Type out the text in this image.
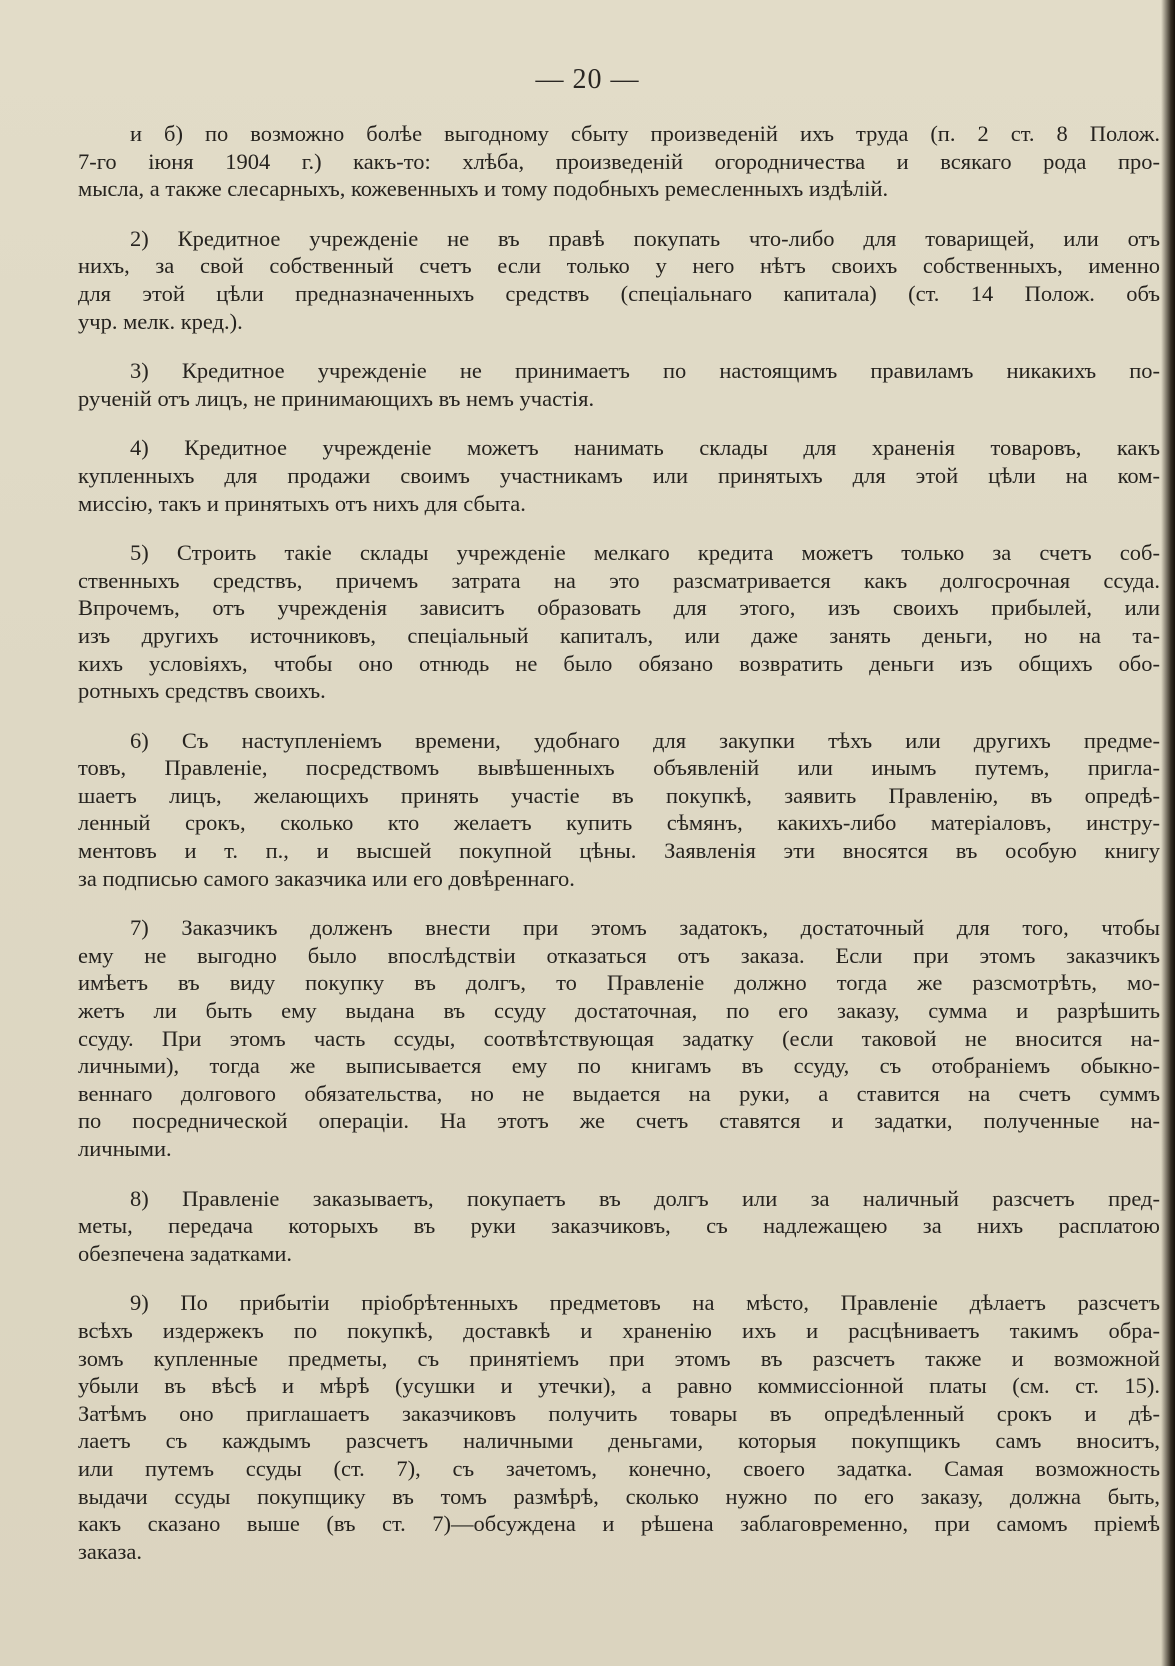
— 20 —
и б) по возможно болѣе выгодному сбыту произведеній ихъ труда (п. 2 ст. 8 Полож.
7-го іюня 1904 г.) какъ-то: хлѣба, произведеній огородничества и всякаго рода про-
мысла, а также слесарныхъ, кожевенныхъ и тому подобныхъ ремесленныхъ издѣлій.
2) Кредитное учрежденіе не въ правѣ покупать что-либо для товарищей, или отъ
нихъ, за свой собственный счетъ если только у него нѣтъ своихъ собственныхъ, именно
для этой цѣли предназначенныхъ средствъ (спеціальнаго капитала) (ст. 14 Полож. объ
учр. мелк. кред.).
3) Кредитное учрежденіе не принимаетъ по настоящимъ правиламъ никакихъ по-
рученій отъ лицъ, не принимающихъ въ немъ участія.
4) Кредитное учрежденіе можетъ нанимать склады для храненія товаровъ, какъ
купленныхъ для продажи своимъ участникамъ или принятыхъ для этой цѣли на ком-
миссію, такъ и принятыхъ отъ нихъ для сбыта.
5) Строить такіе склады учрежденіе мелкаго кредита можетъ только за счетъ соб-
ственныхъ средствъ, причемъ затрата на это разсматривается какъ долгосрочная ссуда.
Впрочемъ, отъ учрежденія зависитъ образовать для этого, изъ своихъ прибылей, или
изъ другихъ источниковъ, спеціальный капиталъ, или даже занять деньги, но на та-
кихъ условіяхъ, чтобы оно отнюдь не было обязано возвратить деньги изъ общихъ обо-
ротныхъ средствъ своихъ.
6) Съ наступленіемъ времени, удобнаго для закупки тѣхъ или другихъ предме-
товъ, Правленіе, посредствомъ вывѣшенныхъ объявленій или инымъ путемъ, пригла-
шаетъ лицъ, желающихъ принять участіе въ покупкѣ, заявить Правленію, въ опредѣ-
ленный срокъ, сколько кто желаетъ купить сѣмянъ, какихъ-либо матеріаловъ, инстру-
ментовъ и т. п., и высшей покупной цѣны. Заявленія эти вносятся въ особую книгу
за подписью самого заказчика или его довѣреннаго.
7) Заказчикъ долженъ внести при этомъ задатокъ, достаточный для того, чтобы
ему не выгодно было впослѣдствіи отказаться отъ заказа. Если при этомъ заказчикъ
имѣетъ въ виду покупку въ долгъ, то Правленіе должно тогда же разсмотрѣть, мо-
жетъ ли быть ему выдана въ ссуду достаточная, по его заказу, сумма и разрѣшить
ссуду. При этомъ часть ссуды, соотвѣтствующая задатку (если таковой не вносится на-
личными), тогда же выписывается ему по книгамъ въ ссуду, съ отобраніемъ обыкно-
веннаго долгового обязательства, но не выдается на руки, а ставится на счетъ суммъ
по посреднической операціи. На этотъ же счетъ ставятся и задатки, полученные на-
личными.
8) Правленіе заказываетъ, покупаетъ въ долгъ или за наличный разсчетъ пред-
меты, передача которыхъ въ руки заказчиковъ, съ надлежащею за нихъ расплатою
обезпечена задатками.
9) По прибытіи пріобрѣтенныхъ предметовъ на мѣсто, Правленіе дѣлаетъ разсчетъ
всѣхъ издержекъ по покупкѣ, доставкѣ и храненію ихъ и расцѣниваетъ такимъ обра-
зомъ купленные предметы, съ принятіемъ при этомъ въ разсчетъ также и возможной
убыли въ вѣсѣ и мѣрѣ (усушки и утечки), а равно коммиссіонной платы (см. ст. 15).
Затѣмъ оно приглашаетъ заказчиковъ получить товары въ опредѣленный срокъ и дѣ-
лаетъ съ каждымъ разсчетъ наличными деньгами, которыя покупщикъ самъ вноситъ,
или путемъ ссуды (ст. 7), съ зачетомъ, конечно, своего задатка. Самая возможность
выдачи ссуды покупщику въ томъ размѣрѣ, сколько нужно по его заказу, должна быть,
какъ сказано выше (въ ст. 7)—обсуждена и рѣшена заблаговременно, при самомъ пріемѣ
заказа.
